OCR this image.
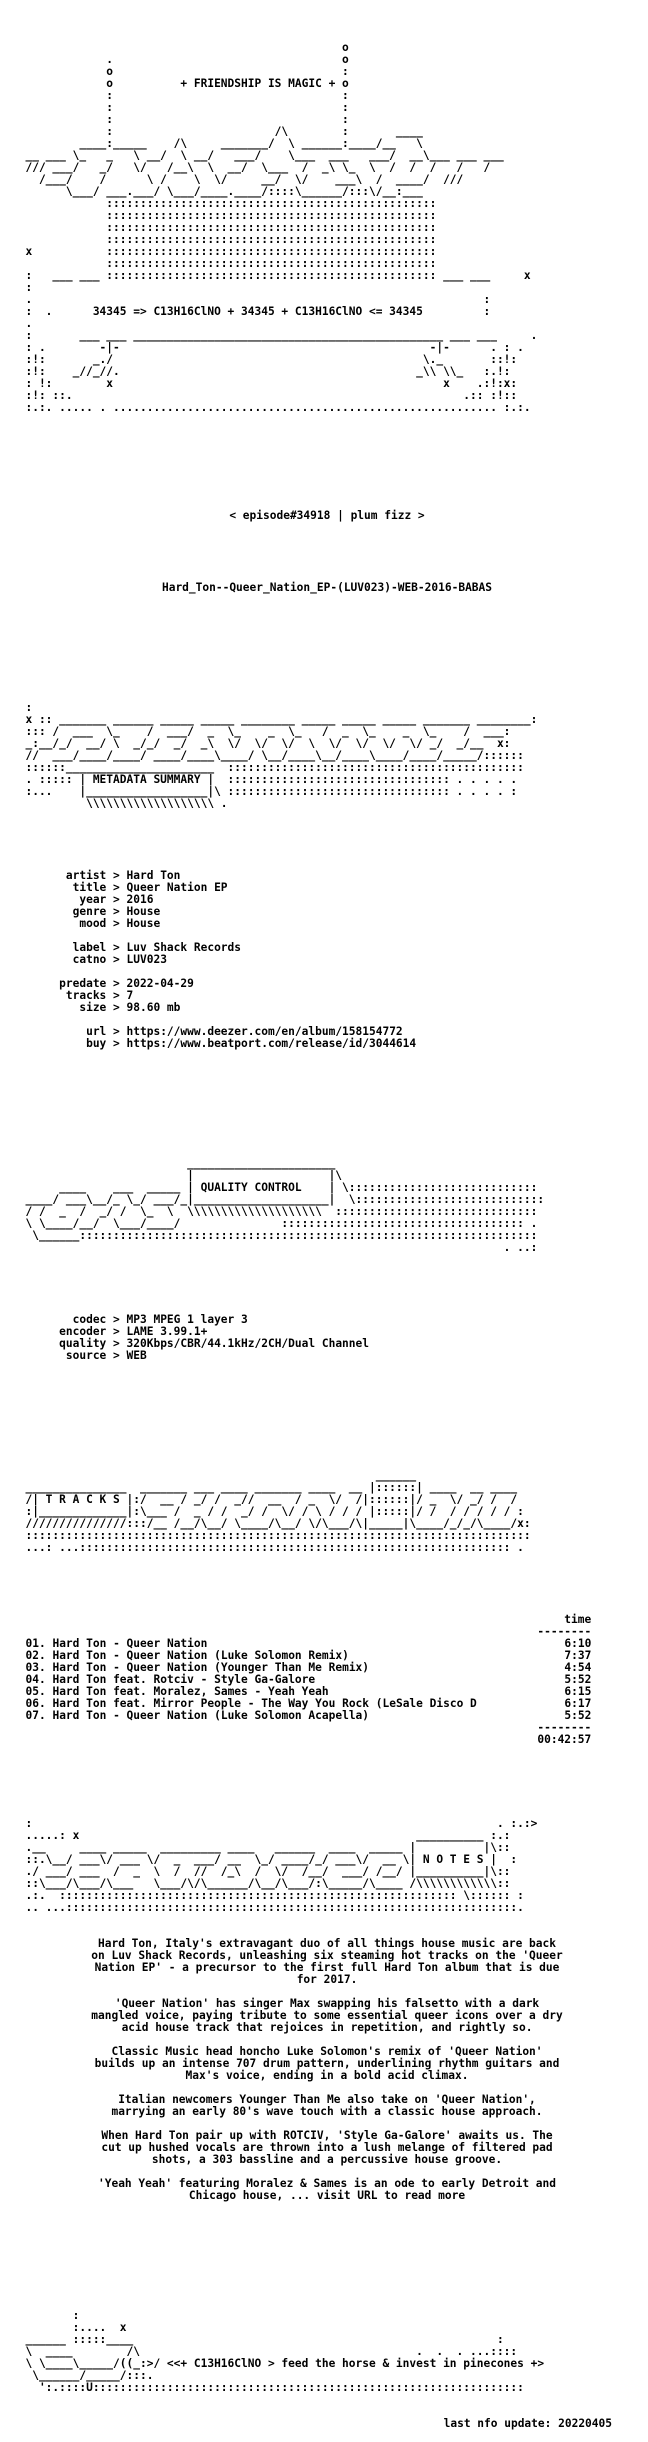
o
.                                  o
o                                  :
o          + FRIENDSHIP IS MAGIC + o
:                                  :
:                                  :
:                                  :
:                        /\        :       ____
____:_____    /\     _______/  \ ______:____/__   \
__ ___ \_   _   \ __/  \ __/   ___/    \___  ___   ___/  __\___ ___ ___
/// ___/   _/   \/   /__\  \  __/  \___  /  _\ \_  \  /  /  /   /   /
/___/    /      \ /    \  \/     __/  \/    ___\  /  ____/  ///
\___/ ___.___/ \___/____.____/::::\______/:::\/__:___
:::::::::::::::::::::::::::::::::::::::::::::::::
:::::::::::::::::::::::::::::::::::::::::::::::::
:::::::::::::::::::::::::::::::::::::::::::::::::
:::::::::::::::::::::::::::::::::::::::::::::::::
x           :::::::::::::::::::::::::::::::::::::::::::::::::
:::::::::::::::::::::::::::::::::::::::::::::::::
:   ___ ___ ::::::::::::::::::::::::::::::::::::::::::::::::: ___ ___     x
:
.                                                                   :
:  .      34345 => C13H16ClNO + 34345 + C13H16ClNO <= 34345         :
.
:       ___ ___ ______________________________________________ ___ ___     .
: .        -|-                                              -|-      . : .
:!:       _./                                              \._       ::!:
:!:    _//_//.                                            _\\ \\_   :.!:
: !:        x                                                 x    .:!:x:
:!: ::.                                                          .:: :!::
:.:. ..... . ......................................................... :.:.

< episode#34918 | plum fizz >

Hard_Ton--Queer_Nation_EP-(LUV023)-WEB-2016-BABAS

:
x :: _______ ______ _____ _____ ________ _____ _____ _____ _______ ________:
::: /  ___  \_    /  ___/  _  \_    _  \_   /  _  \_    _  \_    /  ___:
_:__/_/  __/ \  _/_/  _/  _\  \/  \/  \/  \  \/  \/  \/  \/ _/  _/__  x:
//  ___/____/____/ ____/____\____/ \__/____\__/____\____/____/_____/::::::
::::::______________________  ::::::::::::::::::::::::::::::::::::::::::::
. ::::: | METADATA SUMMARY |  ::::::::::::::::::::::::::::::::: . . . . .
:...    |__________________|\ ::::::::::::::::::::::::::::::::: . . . . :
\\\\\\\\\\\\\\\\\\\ .

artist > Hard Ton
title > Queer Nation EP
year > 2016
genre > House
mood > House
label > Luv Shack Records
catno > LUV023
predate > 2022-04-29
tracks > 7
size > 98.60 mb
url > https://www.deezer.com/en/album/158154772
buy > https://www.beatport.com/release/id/3044614

______________________
|                    |\
____    ___  _____ | QUALITY CONTROL    | \::::::::::::::::::::::::::::
____/ ___\__/_ \_/ ___/_|____________________|  \::::::::::::::::::::::::::::
/ /  _  /  _/ /  \_  \  \\\\\\\\\\\\\\\\\\\\  ::::::::::::::::::::::::::::::
\ \____/__/  \___/____/               :::::::::::::::::::::::::::::::::::: .
\______::::::::::::::::::::::::::::::::::::::::::::::::::::::::::::::::::::
. ..:

codec > MP3 MPEG 1 layer 3
encoder > LAME 3.99.1+
quality > 320Kbps/CBR/44.1kHz/2CH/Dual Channel
source > WEB

______
_______________  _______ ___ ____ _______ ____  __ |::::::| ____  __ ____
/| T R A C K S |:/  __ / _/ /  _//  __  / _  \/  /|::::::|/ _  \/ _/ /  /
:|_____________|:\___ /  _ / /  _/ /  \/ / \ / / / |:::::|/ /  / / / / / :
///////////////:::/__ /__/\__/ \____/\__/ \/\___/\|_____|\____/_/_/\____/x:
:::::::::::::::::::::::::::::::::::::::::::::::::::::::::::::::::::::::::::
...: ...:::::::::::::::::::::::::::::::::::::::::::::::::::::::::::::::: .

time
--------
01. Hard Ton - Queer Nation	6:10
02. Hard Ton - Queer Nation (Luke Solomon Remix)	7:37
03. Hard Ton - Queer Nation (Younger Than Me Remix)	4:54
04. Hard Ton feat. Rotciv - Style Ga-Galore	5:52
05. Hard Ton feat. Moralez, Sames - Yeah Yeah	6:15
06. Hard Ton feat. Mirror People - The Way You Rock (LeSale Disco D	6:17
07. Hard Ton - Queer Nation (Luke Solomon Acapella)	5:52
--------
00:42:57

:                                                                     . :.:>
.....: x                                                  __________ :.:
.__     ____ _____  _________ ____   ______  ____  _____ |          |\::
::.\__/ ___\/ ___ \/  _  ___/ __  \_/ ____/_/ ___\/  __ \| N O T E S |  :
./ ___/ ___  /  _  \  /  //  /_\  /  \/  /__/  ___/ /__/ |__________|\::
::\___/\___/\___   \___/\/\______/\__/\___/:\_____/\____ /\\\\\\\\\\\\::
.:.  ::::::::::::::::::::::::::::::::::::::::::::::::::::::::::: \:::::: :
.. ...:::::::::::::::::::::::::::::::::::::::::::::::::::::::::::::::::::.

Hard Ton, Italy's extravagant duo of all things house music are back
on Luv Shack Records, unleashing six steaming hot tracks on the 'Queer
Nation EP' - a precursor to the first full Hard Ton album that is due
for 2017.
'Queer Nation' has singer Max swapping his falsetto with a dark
mangled voice, paying tribute to some essential queer icons over a dry
acid house track that rejoices in repetition, and rightly so.
Classic Music head honcho Luke Solomon's remix of 'Queer Nation'
builds up an intense 707 drum pattern, underlining rhythm guitars and
Max's voice, ending in a bold acid climax.
Italian newcomers Younger Than Me also take on 'Queer Nation',
marrying an early 80's wave touch with a classic house approach.
When Hard Ton pair up with ROTCIV, 'Style Ga-Galore' awaits us. The
cut up hushed vocals are thrown into a lush melange of filtered pad
shots, a 303 bassline and a percussive house groove.
'Yeah Yeah' featuring Moralez & Sames is an ode to early Detroit and
Chicago house, ... visit URL to read more

:
:....  x
______ :::::____                                                      :
\  ____        /\                                         .  .  . ...::::
\ \____\_____/((_:>/ <<+ C13H16ClNO > feed the horse & invest in pinecones +>
\______/_____/:::.
':.::::U::::::::::::::::::::::::::::::::::::::::::::::::::::::::::::::::

last nfo update: 20220405
